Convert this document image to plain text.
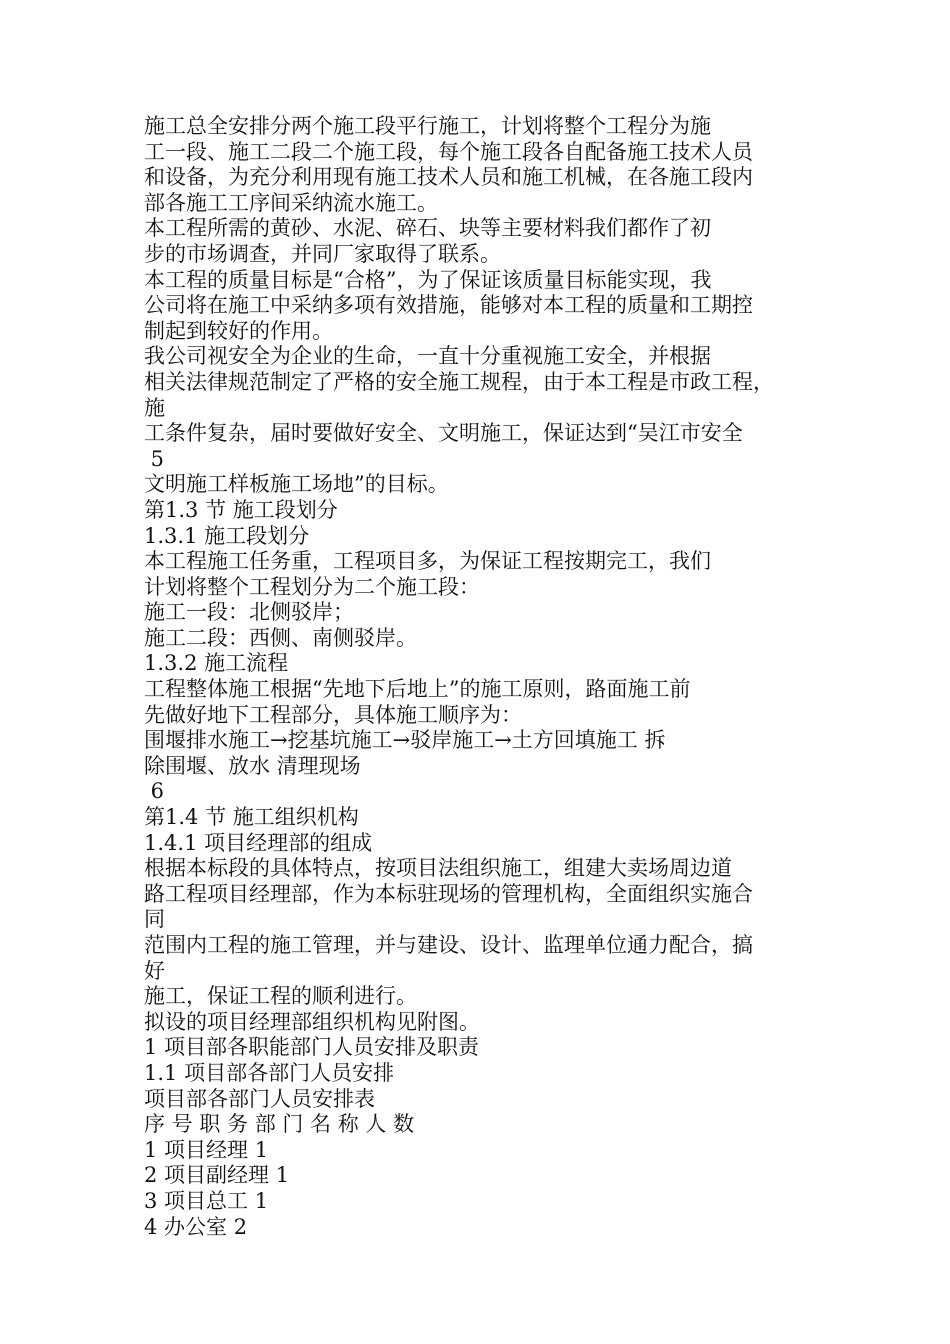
施工总全安排分两个施工段平行施工，计划将整个工程分为施
工一段、施工二段二个施工段，每个施工段各自配备施工技术人员
和设备，为充分利用现有施工技术人员和施工机械，在各施工段内
部各施工工序间采纳流水施工。
本工程所需的黄砂、水泥、碎石、块等主要材料我们都作了初
步的市场调查，并同厂家取得了联系。
本工程的质量目标是“合格”，为了保证该质量目标能实现，我
公司将在施工中采纳多项有效措施，能够对本工程的质量和工期控
制起到较好的作用。
我公司视安全为企业的生命，一直十分重视施工安全，并根据
相关法律规范制定了严格的安全施工规程，由于本工程是市政工程，
施
工条件复杂，届时要做好安全、文明施工，保证达到“吴江市安全
5
文明施工样板施工场地”的目标。
第1.3 节 施工段划分
1.3.1 施工段划分
本工程施工任务重，工程项目多，为保证工程按期完工，我们
计划将整个工程划分为二个施工段：
施工一段：北侧驳岸；
施工二段：西侧、南侧驳岸。
1.3.2 施工流程
工程整体施工根据“先地下后地上”的施工原则，路面施工前
先做好地下工程部分，具体施工顺序为：
围堰排水施工→挖基坑施工→驳岸施工→土方回填施工 拆
除围堰、放水 清理现场
6
第1.4 节 施工组织机构
1.4.1 项目经理部的组成
根据本标段的具体特点，按项目法组织施工，组建大卖场周边道
路工程项目经理部，作为本标驻现场的管理机构，全面组织实施合
同
范围内工程的施工管理，并与建设、设计、监理单位通力配合，搞
好
施工，保证工程的顺利进行。
拟设的项目经理部组织机构见附图。
1 项目部各职能部门人员安排及职责
1.1 项目部各部门人员安排
项目部各部门人员安排表
序 号 职 务 部 门 名 称 人 数
1 项目经理 1
2 项目副经理 1
3 项目总工 1
4 办公室 2
